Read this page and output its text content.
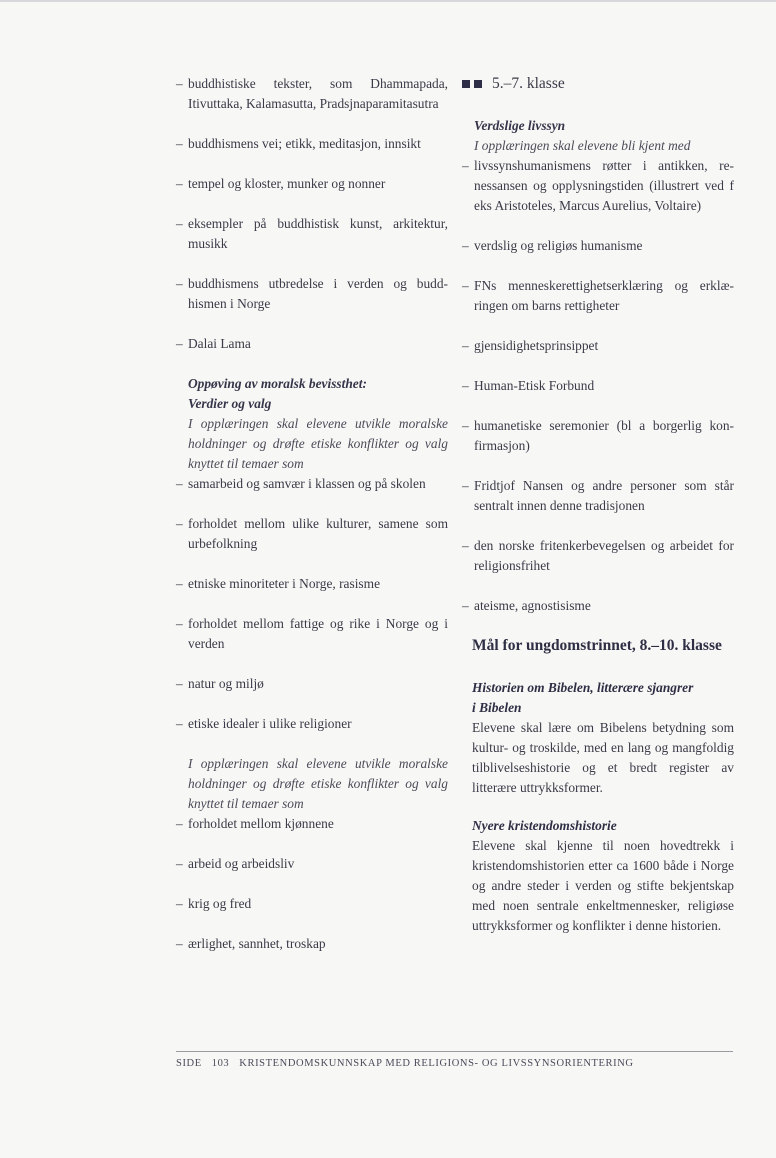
– buddhistiske tekster, som Dhammapada, Itivuttaka, Kalamasutta, Pradsjnaparamitasutra
– buddhismens vei; etikk, meditasjon, innsikt
– tempel og kloster, munker og nonner
– eksempler på buddhistisk kunst, arkitektur, musikk
– buddhismens utbredelse i verden og buddhismen i Norge
– Dalai Lama
Oppøving av moralsk bevissthet:
Verdier og valg
I opplæringen skal elevene utvikle moralske holdninger og drøfte etiske konflikter og valg knyttet til temaer som
– samarbeid og samvær i klassen og på skolen
– forholdet mellom ulike kulturer, samene som urbefolkning
– etniske minoriteter i Norge, rasisme
– forholdet mellom fattige og rike i Norge og i verden
– natur og miljø
– etiske idealer i ulike religioner
I opplæringen skal elevene utvikle moralske holdninger og drøfte etiske konflikter og valg knyttet til temaer som
– forholdet mellom kjønnene
– arbeid og arbeidsliv
– krig og fred
– ærlighet, sannhet, troskap
5.–7. klasse
Verdslige livssyn
I opplæringen skal elevene bli kjent med
– livssynshumanismens røtter i antikken, renessansen og opplysningstiden (illustrert ved f eks Aristoteles, Marcus Aurelius, Voltaire)
– verdslig og religiøs humanisme
– FNs menneskerettighetserklæring og erklæringen om barns rettigheter
– gjensidighetsprinsippet
– Human-Etisk Forbund
– humanetiske seremonier (bl a borgerlig konfirmasjon)
– Fridtjof Nansen og andre personer som står sentralt innen denne tradisjonen
– den norske fritenkerbevegelsen og arbeidet for religionsfrihet
– ateisme, agnostisisme
Mål for ungdomstrinnet, 8.–10. klasse
Historien om Bibelen, litterære sjangrer
i Bibelen
Elevene skal lære om Bibelens betydning som kultur- og troskilde, med en lang og mangfoldig tilblivelseshistorie og et bredt register av litterære uttrykksformer.
Nyere kristendomshistorie
Elevene skal kjenne til noen hovedtrekk i kristendomshistorien etter ca 1600 både i Norge og andre steder i verden og stifte bekjentskap med noen sentrale enkeltmennesker, religiøse uttrykksformer og konflikter i denne historien.
SIDE 103 KRISTENDOMSKUNNSKAP MED RELIGIONS- OG LIVSSYNSORIENTERING
